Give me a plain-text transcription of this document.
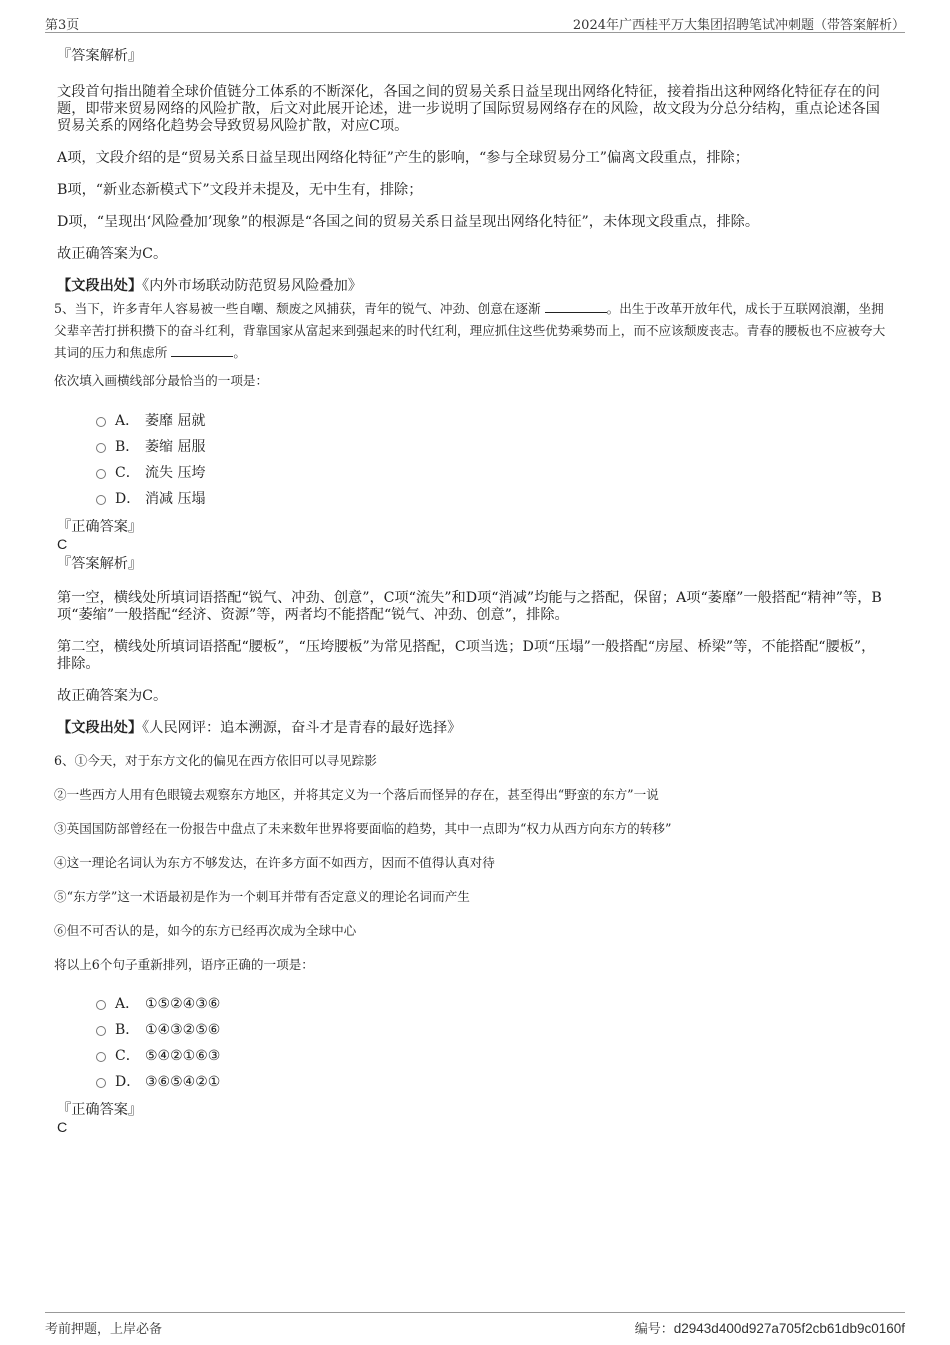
第3页	2024年广西桂平万大集团招聘笔试冲刺题（带答案解析）

『答案解析』

文段首句指出随着全球价值链分工体系的不断深化，各国之间的贸易关系日益呈现出网络化特征，接着指出这种网络化特征存在的问题，即带来贸易网络的风险扩散，后文对此展开论述，进一步说明了国际贸易网络存在的风险，故文段为分总分结构，重点论述各国贸易关系的网络化趋势会导致贸易风险扩散，对应C项。

A项，文段介绍的是“贸易关系日益呈现出网络化特征”产生的影响，“参与全球贸易分工”偏离文段重点，排除；

B项，“新业态新模式下”文段并未提及，无中生有，排除；

D项，“呈现出‘风险叠加’现象”的根源是“各国之间的贸易关系日益呈现出网络化特征”，未体现文段重点，排除。

故正确答案为C。

【文段出处】《内外市场联动防范贸易风险叠加》

5、当下，许多青年人容易被一些自嘲、颓废之风捕获，青年的锐气、冲劲、创意在逐渐	。出生于改革开放年代，成长于互联网浪潮，坐拥父辈辛苦打拼积攒下的奋斗红利，背靠国家从富起来到强起来的时代红利，理应抓住这些优势乘势而上，而不应该颓废丧志。青春的腰板也不应被夸大其词的压力和焦虑所	。

依次填入画横线部分最恰当的一项是：

A． 萎靡 屈就
B． 萎缩 屈服
C． 流失 压垮
D． 消减 压塌

『正确答案』

C

『答案解析』

第一空，横线处所填词语搭配“锐气、冲劲、创意”，C项“流失”和D项“消减”均能与之搭配，保留；A项“萎靡”一般搭配“精神”等，B项“萎缩”一般搭配“经济、资源”等，两者均不能搭配“锐气、冲劲、创意”，排除。

第二空，横线处所填词语搭配“腰板”，“压垮腰板”为常见搭配，C项当选；D项“压塌”一般搭配“房屋、桥梁”等，不能搭配“腰板”，排除。

故正确答案为C。

【文段出处】《人民网评：追本溯源，奋斗才是青春的最好选择》

6、①今天，对于东方文化的偏见在西方依旧可以寻见踪影

②一些西方人用有色眼镜去观察东方地区，并将其定义为一个落后而怪异的存在，甚至得出“野蛮的东方”一说

③英国国防部曾经在一份报告中盘点了未来数年世界将要面临的趋势，其中一点即为“权力从西方向东方的转移”

④这一理论名词认为东方不够发达，在许多方面不如西方，因而不值得认真对待

⑤“东方学”这一术语最初是作为一个刺耳并带有否定意义的理论名词而产生

⑥但不可否认的是，如今的东方已经再次成为全球中心

将以上6个句子重新排列，语序正确的一项是：

A． ①⑤②④③⑥
B． ①④③②⑤⑥
C． ⑤④②①⑥③
D． ③⑥⑤④②①

『正确答案』

C

考前押题，上岸必备	编号：d2943d400d927a705f2cb61db9c0160f
